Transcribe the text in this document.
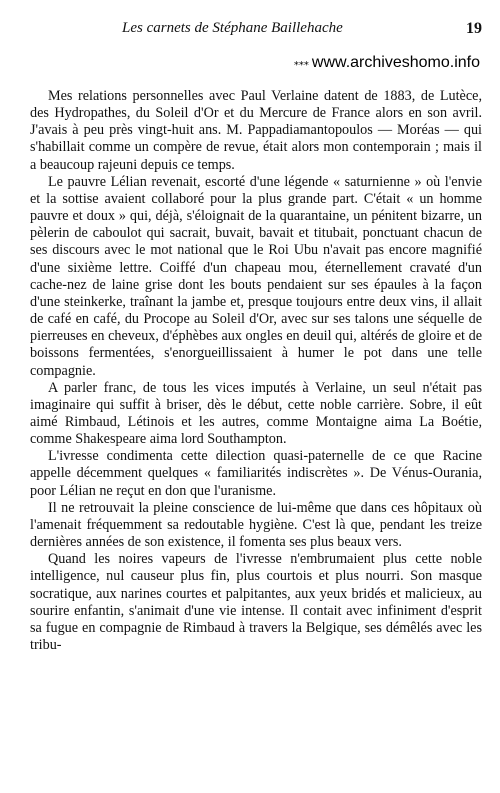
Les carnets de Stéphane Baillehache	19
⁎⁎⁎ www.archiveshomo.info

Mes relations personnelles avec Paul Verlaine datent de 1883, de Lutèce, des Hydropathes, du Soleil d'Or et du Mercure de France alors en son avril. J'avais à peu près vingt-huit ans. M. Pappadiamantopoulos — Moréas — qui s'habillait comme un compère de revue, était alors mon contemporain ; mais il a beaucoup rajeuni depuis ce temps.

Le pauvre Lélian revenait, escorté d'une légende « saturnienne » où l'envie et la sottise avaient collaboré pour la plus grande part. C'était « un homme pauvre et doux » qui, déjà, s'éloignait de la quarantaine, un pénitent bizarre, un pèlerin de caboulot qui sacrait, buvait, bavait et titubait, ponctuant chacun de ses discours avec le mot national que le Roi Ubu n'avait pas encore magnifié d'une sixième lettre. Coiffé d'un chapeau mou, éternellement cravaté d'un cache-nez de laine grise dont les bouts pendaient sur ses épaules à la façon d'une steinkerke, traînant la jambe et, presque toujours entre deux vins, il allait de café en café, du Procope au Soleil d'Or, avec sur ses talons une séquelle de pierreuses en cheveux, d'éphèbes aux ongles en deuil qui, altérés de gloire et de boissons fermentées, s'enorgueillissaient à humer le pot dans une telle compagnie.

A parler franc, de tous les vices imputés à Verlaine, un seul n'était pas imaginaire qui suffit à briser, dès le début, cette noble carrière. Sobre, il eût aimé Rimbaud, Létinois et les autres, comme Montaigne aima La Boétie, comme Shakespeare aima lord Southampton.

L'ivresse condimenta cette dilection quasi-paternelle de ce que Racine appelle décemment quelques « familiarités indiscrètes ». De Vénus-Ourania, poor Lélian ne reçut en don que l'uranisme.

Il ne retrouvait la pleine conscience de lui-même que dans ces hôpitaux où l'amenait fréquemment sa redoutable hygiène. C'est là que, pendant les treize dernières années de son existence, il fomenta ses plus beaux vers.

Quand les noires vapeurs de l'ivresse n'embrumaient plus cette noble intelligence, nul causeur plus fin, plus courtois et plus nourri. Son masque socratique, aux narines courtes et palpitantes, aux yeux bridés et malicieux, au sourire enfantin, s'animait d'une vie intense. Il contait avec infiniment d'esprit sa fugue en compagnie de Rimbaud à travers la Belgique, ses démêlés avec les tribu-
